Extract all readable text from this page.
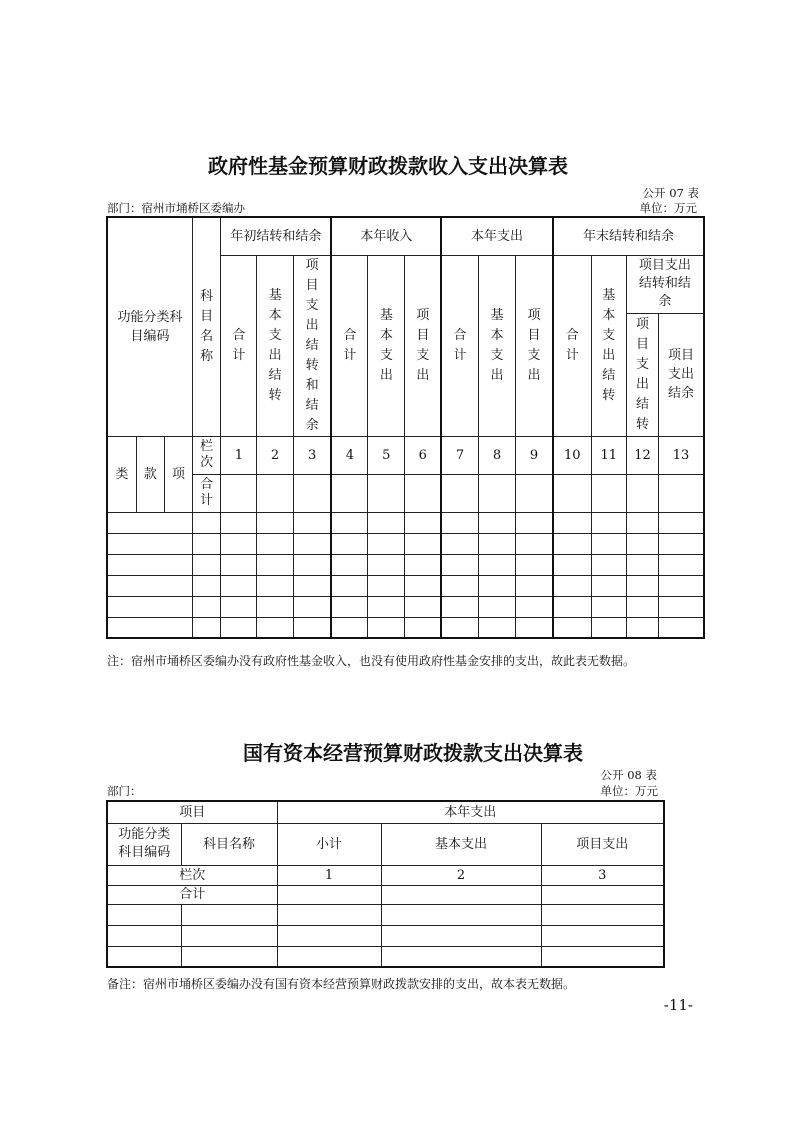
政府性基金预算财政拨款收入支出决算表
公开 07 表
部门：宿州市埇桥区委编办	单位：万元
功能分类科目编码			科目名称	年初结转和结余			本年收入			本年支出			年末结转和结余			
				合计	基本支出结转	项目支出结转和结余	合计	基本支出	项目支出	合计	基本支出	项目支出	合计	基本支出结转	项目支出结转和结余	
															项目支出结转	项目支出结余
类	款	项	栏次	1	2	3	4	5	6	7	8	9	10	11	12	13
			合计													

注：宿州市埇桥区委编办没有政府性基金收入，也没有使用政府性基金安排的支出，故此表无数据。
国有资本经营预算财政拨款支出决算表
公开 08 表
部门：	单位：万元
项目		本年支出		
功能分类科目编码	科目名称	小计	基本支出	项目支出
栏次		1	2	3
合计				

备注：宿州市埇桥区委编办没有国有资本经营预算财政拨款安排的支出，故本表无数据。
-11-
